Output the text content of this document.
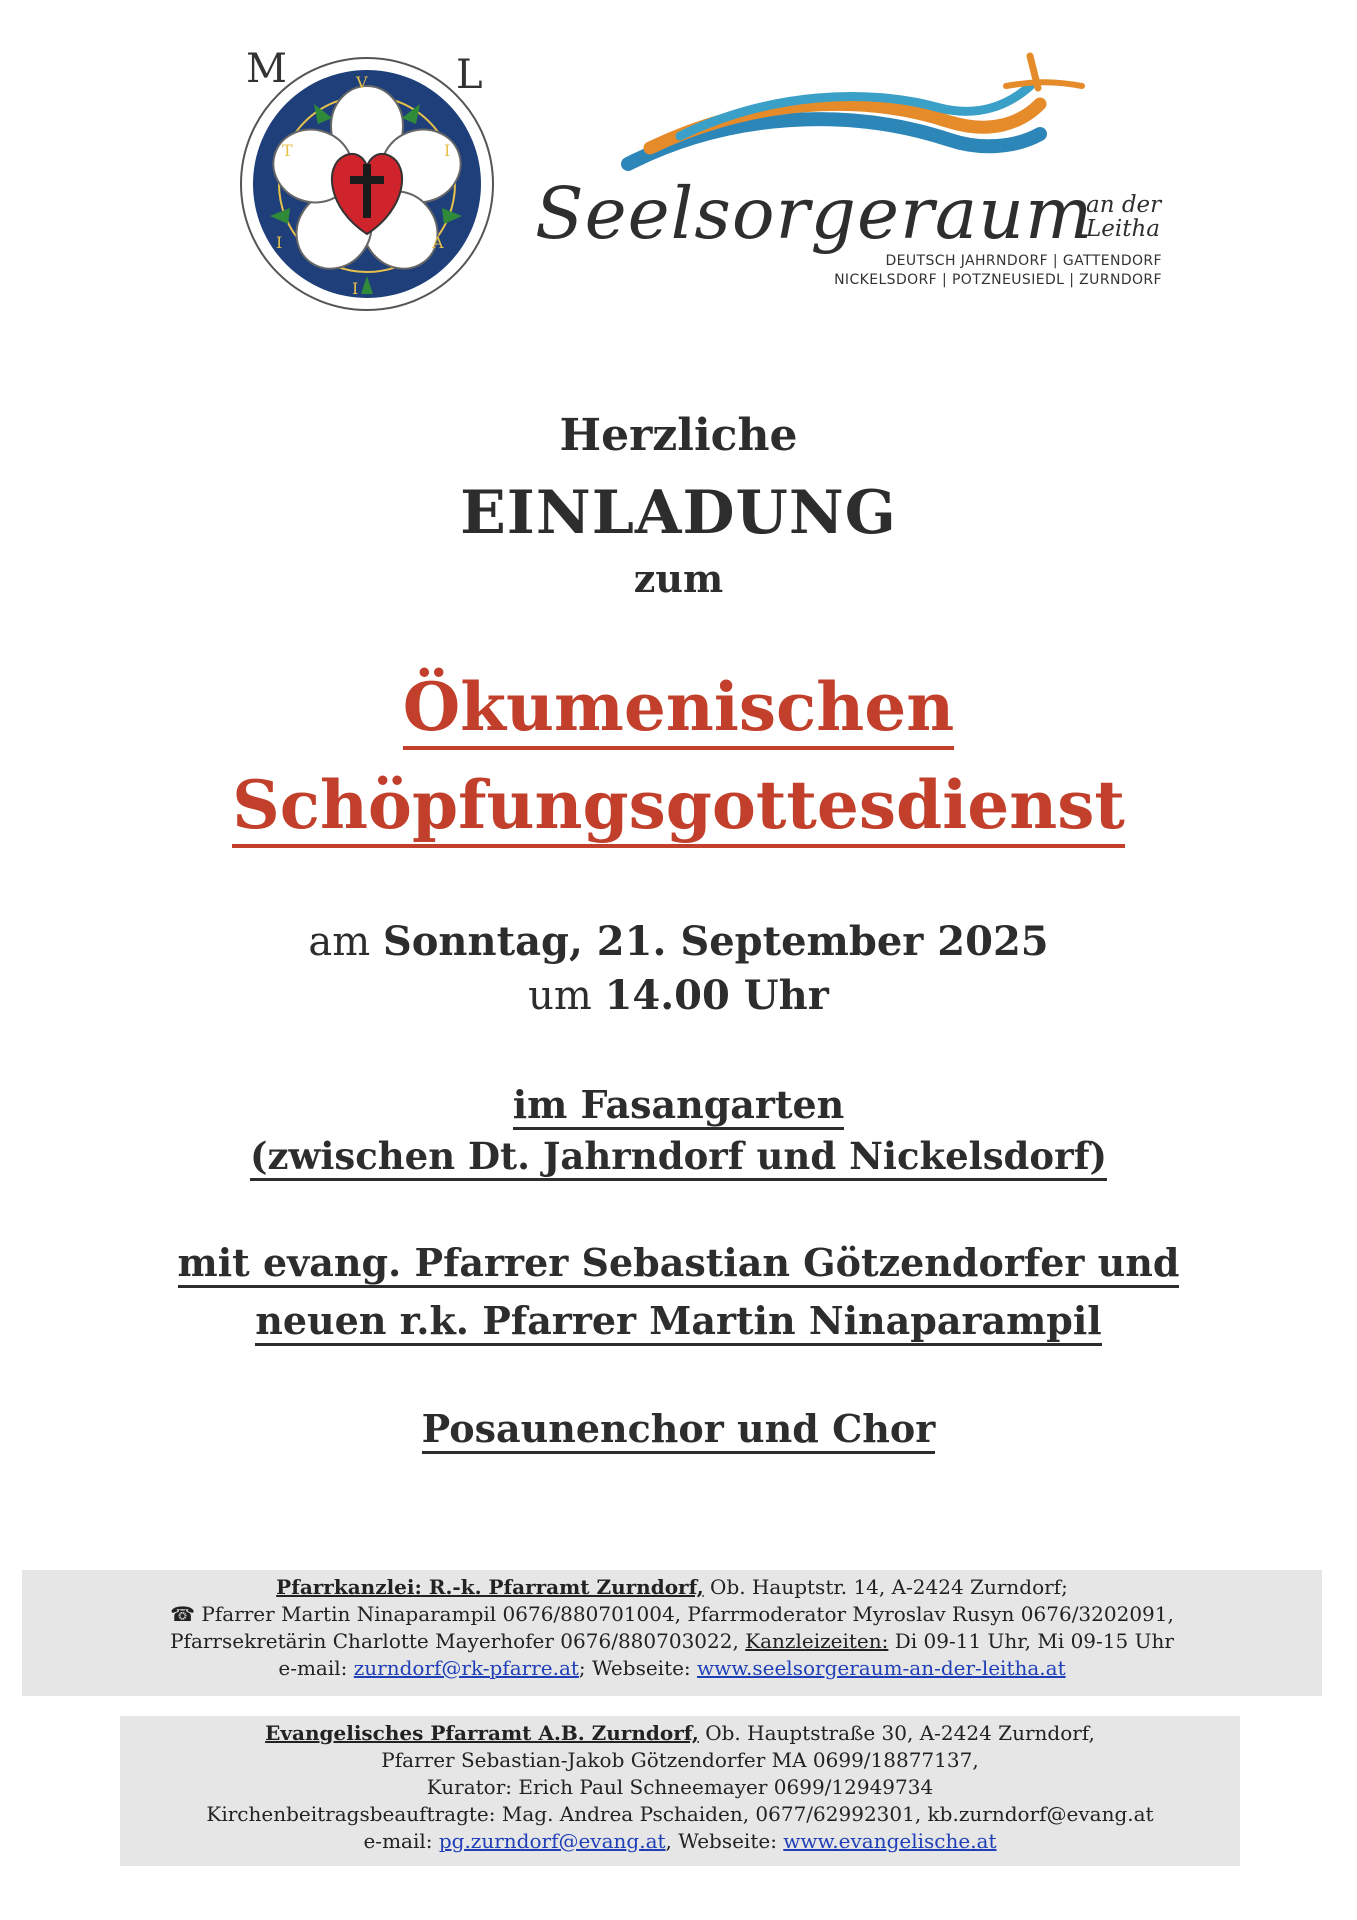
M	L
V
I
A
I
I
T
Seelsorgeraum
an der
Leitha
DEUTSCH JAHRNDORF | GATTENDORF
NICKELSDORF | POTZNEUSIEDL | ZURNDORF
Herzliche
EINLADUNG
zum
Ökumenischen
Schöpfungsgottesdienst
am Sonntag, 21. September 2025
um 14.00 Uhr
im Fasangarten
(zwischen Dt. Jahrndorf und Nickelsdorf)
mit evang. Pfarrer Sebastian Götzendorfer und
neuen r.k. Pfarrer Martin Ninaparampil
Posaunenchor und Chor
Pfarrkanzlei: R.-k. Pfarramt Zurndorf, Ob. Hauptstr. 14, A-2424 Zurndorf;
☎ Pfarrer Martin Ninaparampil 0676/880701004, Pfarrmoderator Myroslav Rusyn 0676/3202091,
Pfarrsekretärin Charlotte Mayerhofer 0676/880703022, Kanzleizeiten: Di 09-11 Uhr, Mi 09-15 Uhr
e-mail: zurndorf@rk-pfarre.at; Webseite: www.seelsorgeraum-an-der-leitha.at
Evangelisches Pfarramt A.B. Zurndorf, Ob. Hauptstraße 30, A-2424 Zurndorf,
Pfarrer Sebastian-Jakob Götzendorfer MA 0699/18877137,
Kurator: Erich Paul Schneemayer 0699/12949734
Kirchenbeitragsbeauftragte: Mag. Andrea Pschaiden, 0677/62992301, kb.zurndorf@evang.at
e-mail: pg.zurndorf@evang.at, Webseite: www.evangelische.at
